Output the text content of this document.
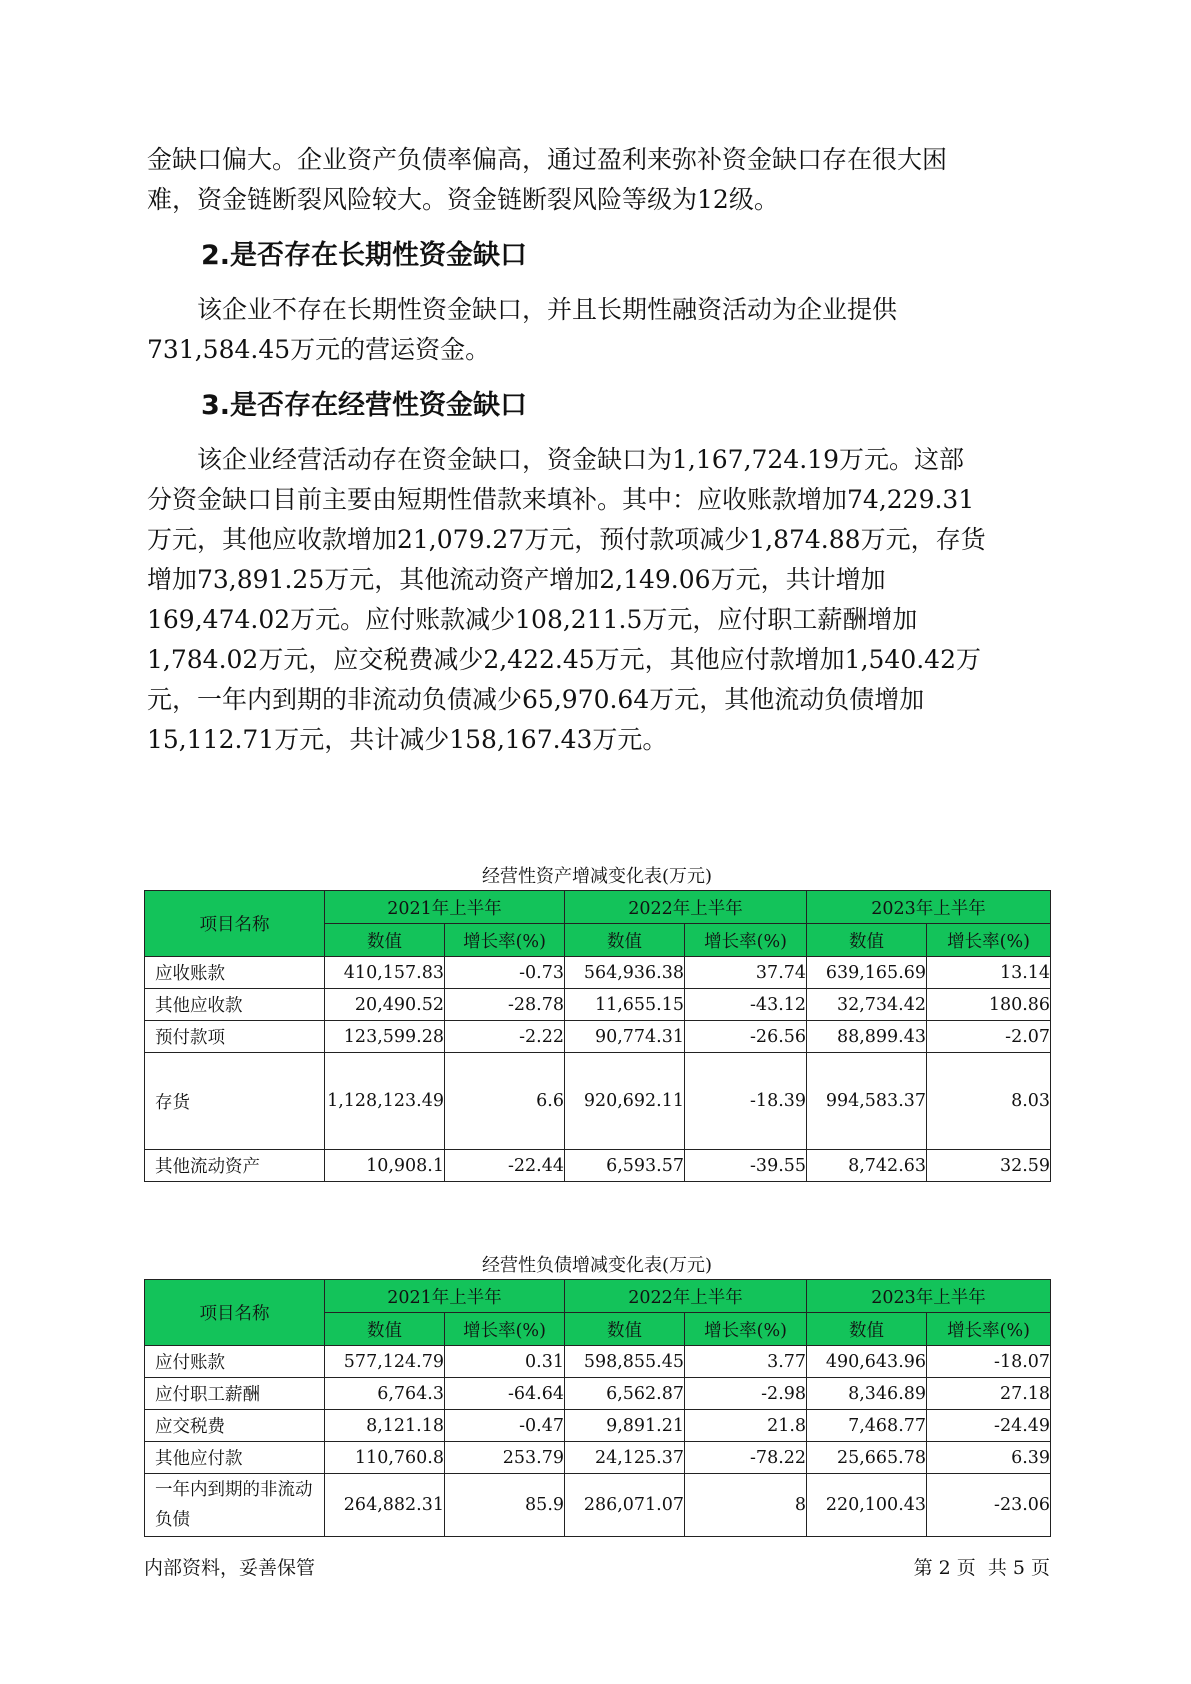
金缺口偏大。企业资产负债率偏高，通过盈利来弥补资金缺口存在很大困
难，资金链断裂风险较大。资金链断裂风险等级为12级。
2.是否存在长期性资金缺口
该企业不存在长期性资金缺口，并且长期性融资活动为企业提供
731,584.45万元的营运资金。
3.是否存在经营性资金缺口
该企业经营活动存在资金缺口，资金缺口为1,167,724.19万元。这部
分资金缺口目前主要由短期性借款来填补。其中：应收账款增加74,229.31
万元，其他应收款增加21,079.27万元，预付款项减少1,874.88万元，存货
增加73,891.25万元，其他流动资产增加2,149.06万元，共计增加
169,474.02万元。应付账款减少108,211.5万元，应付职工薪酬增加
1,784.02万元，应交税费减少2,422.45万元，其他应付款增加1,540.42万
元，一年内到期的非流动负债减少65,970.64万元，其他流动负债增加
15,112.71万元，共计减少158,167.43万元。

经营性资产增减变化表(万元)

项目名称	2021年上半年		2022年上半年		2023年上半年	
	数值	增长率(%)	数值	增长率(%)	数值	增长率(%)
应收账款	410,157.83	-0.73	564,936.38	37.74	639,165.69	13.14
其他应收款	20,490.52	-28.78	11,655.15	-43.12	32,734.42	180.86
预付款项	123,599.28	-2.22	90,774.31	-26.56	88,899.43	-2.07
存货	1,128,123.49	6.6	920,692.11	-18.39	994,583.37	8.03
其他流动资产	10,908.1	-22.44	6,593.57	-39.55	8,742.63	32.59

经营性负债增减变化表(万元)

项目名称	2021年上半年		2022年上半年		2023年上半年	
	数值	增长率(%)	数值	增长率(%)	数值	增长率(%)
应付账款	577,124.79	0.31	598,855.45	3.77	490,643.96	-18.07
应付职工薪酬	6,764.3	-64.64	6,562.87	-2.98	8,346.89	27.18
应交税费	8,121.18	-0.47	9,891.21	21.8	7,468.77	-24.49
其他应付款	110,760.8	253.79	24,125.37	-78.22	25,665.78	6.39
一年内到期的非流动负债	264,882.31	85.9	286,071.07	8	220,100.43	-23.06

内部资料，妥善保管	第 2 页  共 5 页
